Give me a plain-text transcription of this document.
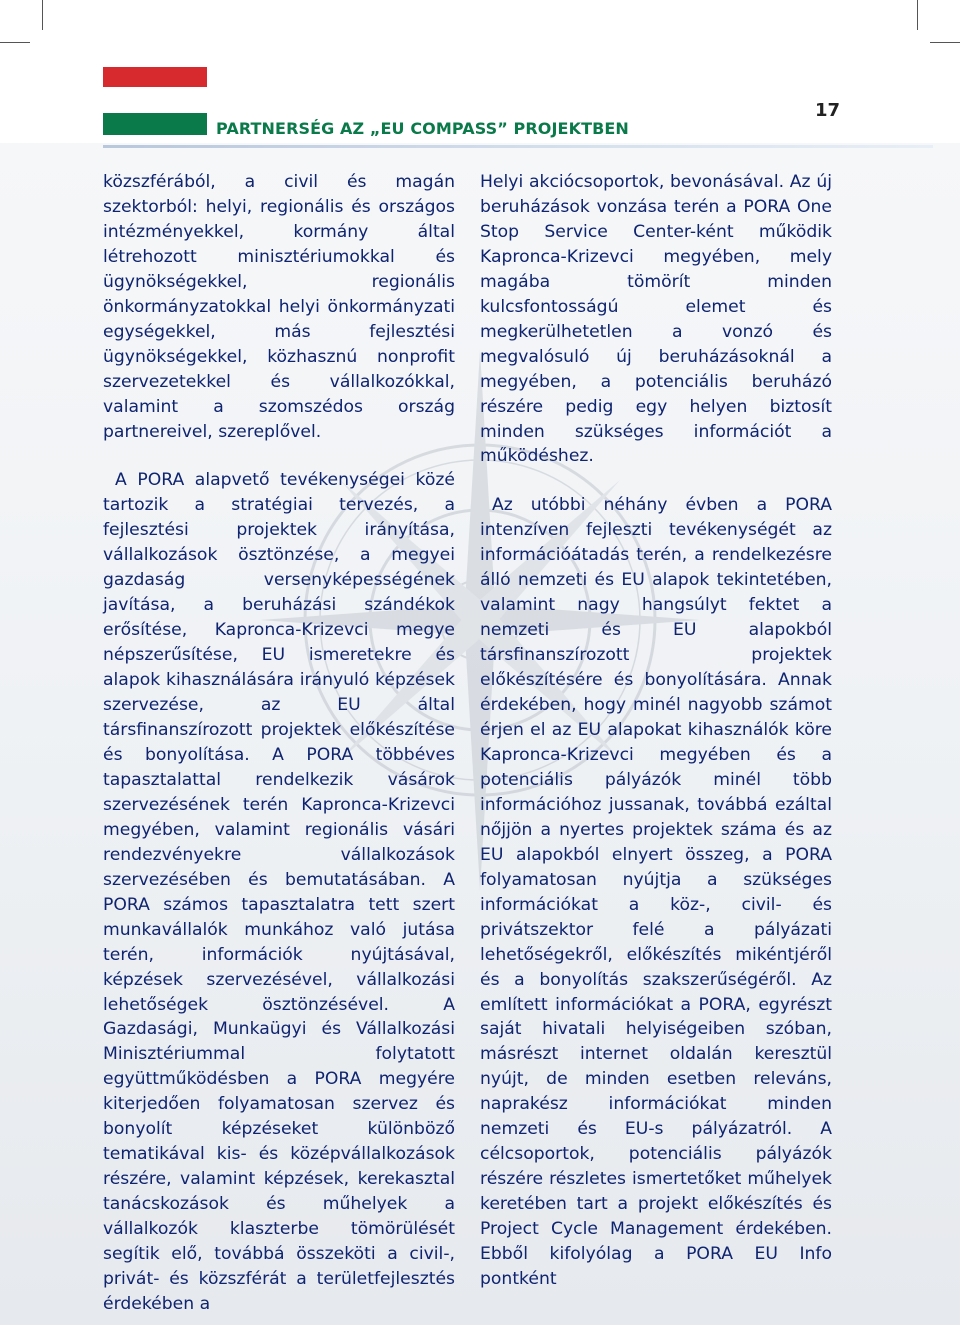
PARTNERSÉG AZ „EU COMPASS” PROJEKTBEN
17

közszférából, a civil és magán szektorból: helyi, regionális és országos intézményekkel, kormány által létrehozott minisztériumokkal és ügynökségekkel, regionális önkormányzatokkal helyi önkormányzati egységekkel, más fejlesztési ügynökségekkel, közhasznú nonprofit szervezetekkel és vállalkozókkal, valamint a szomszédos ország partnereivel, szereplővel.

A PORA alapvető tevékenységei közé tartozik a stratégiai tervezés, a fejlesztési projektek irányítása, vállalkozások ösztönzése, a megyei gazdaság versenyképességének javítása, a beruházási szándékok erősítése, Kapronca-Krizevci megye népszerűsítése, EU ismeretekre és alapok kihasználására irányuló képzések szervezése, az EU által társfinanszírozott projektek előkészítése és bonyolítása. A PORA többéves tapasztalattal rendelkezik vásárok szervezésének terén Kapronca-Krizevci megyében, valamint regionális vásári rendezvényekre vállalkozások szervezésében és bemutatásában. A PORA számos tapasztalatra tett szert munkavállalók munkához való jutása terén, információk nyújtásával, képzések szervezésével, vállalkozási lehetőségek ösztönzésével. A Gazdasági, Munkaügyi és Vállalkozási Minisztériummal folytatott együttműködésben a PORA megyére kiterjedően folyamatosan szervez és bonyolít képzéseket különböző tematikával kis- és középvállalkozások részére, valamint képzések, kerekasztal tanácskozások és műhelyek a vállalkozók klaszterbe tömörülését segítik elő, továbbá összeköti a civil-, privát- és közszférát a területfejlesztés érdekében a

Helyi akciócsoportok, bevonásával. Az új beruházások vonzása terén a PORA One Stop Service Center-ként működik Kapronca-Krizevci megyében, mely magába tömörít minden kulcsfontosságú elemet és megkerülhetetlen a vonzó és megvalósuló új beruházásoknál a megyében, a potenciális beruházó részére pedig egy helyen biztosít minden szükséges információt a működéshez.

Az utóbbi néhány évben a PORA intenzíven fejleszti tevékenységét az információátadás terén, a rendelkezésre álló nemzeti és EU alapok tekintetében, valamint nagy hangsúlyt fektet a nemzeti és EU alapokból társfinanszírozott projektek előkészítésére és bonyolítására. Annak érdekében, hogy minél nagyobb számot érjen el az EU alapokat kihasználók köre Kapronca-Krizevci megyében és a potenciális pályázók minél több információhoz jussanak, továbbá ezáltal nőjjön a nyertes projektek száma és az EU alapokból elnyert összeg, a PORA folyamatosan nyújtja a szükséges információkat a köz-, civil- és privátszektor felé a pályázati lehetőségekről, előkészítés mikéntjéről és a bonyolítás szakszerűségéről. Az említett információkat a PORA, egyrészt saját hivatali helyiségeiben szóban, másrészt internet oldalán keresztül nyújt, de minden esetben releváns, naprakész információkat minden nemzeti és EU-s pályázatról. A célcsoportok, potenciális pályázók részére részletes ismertetőket műhelyek keretében tart a projekt előkészítés és Project Cycle Management érdekében. Ebből kifolyólag a PORA EU Info pontként
